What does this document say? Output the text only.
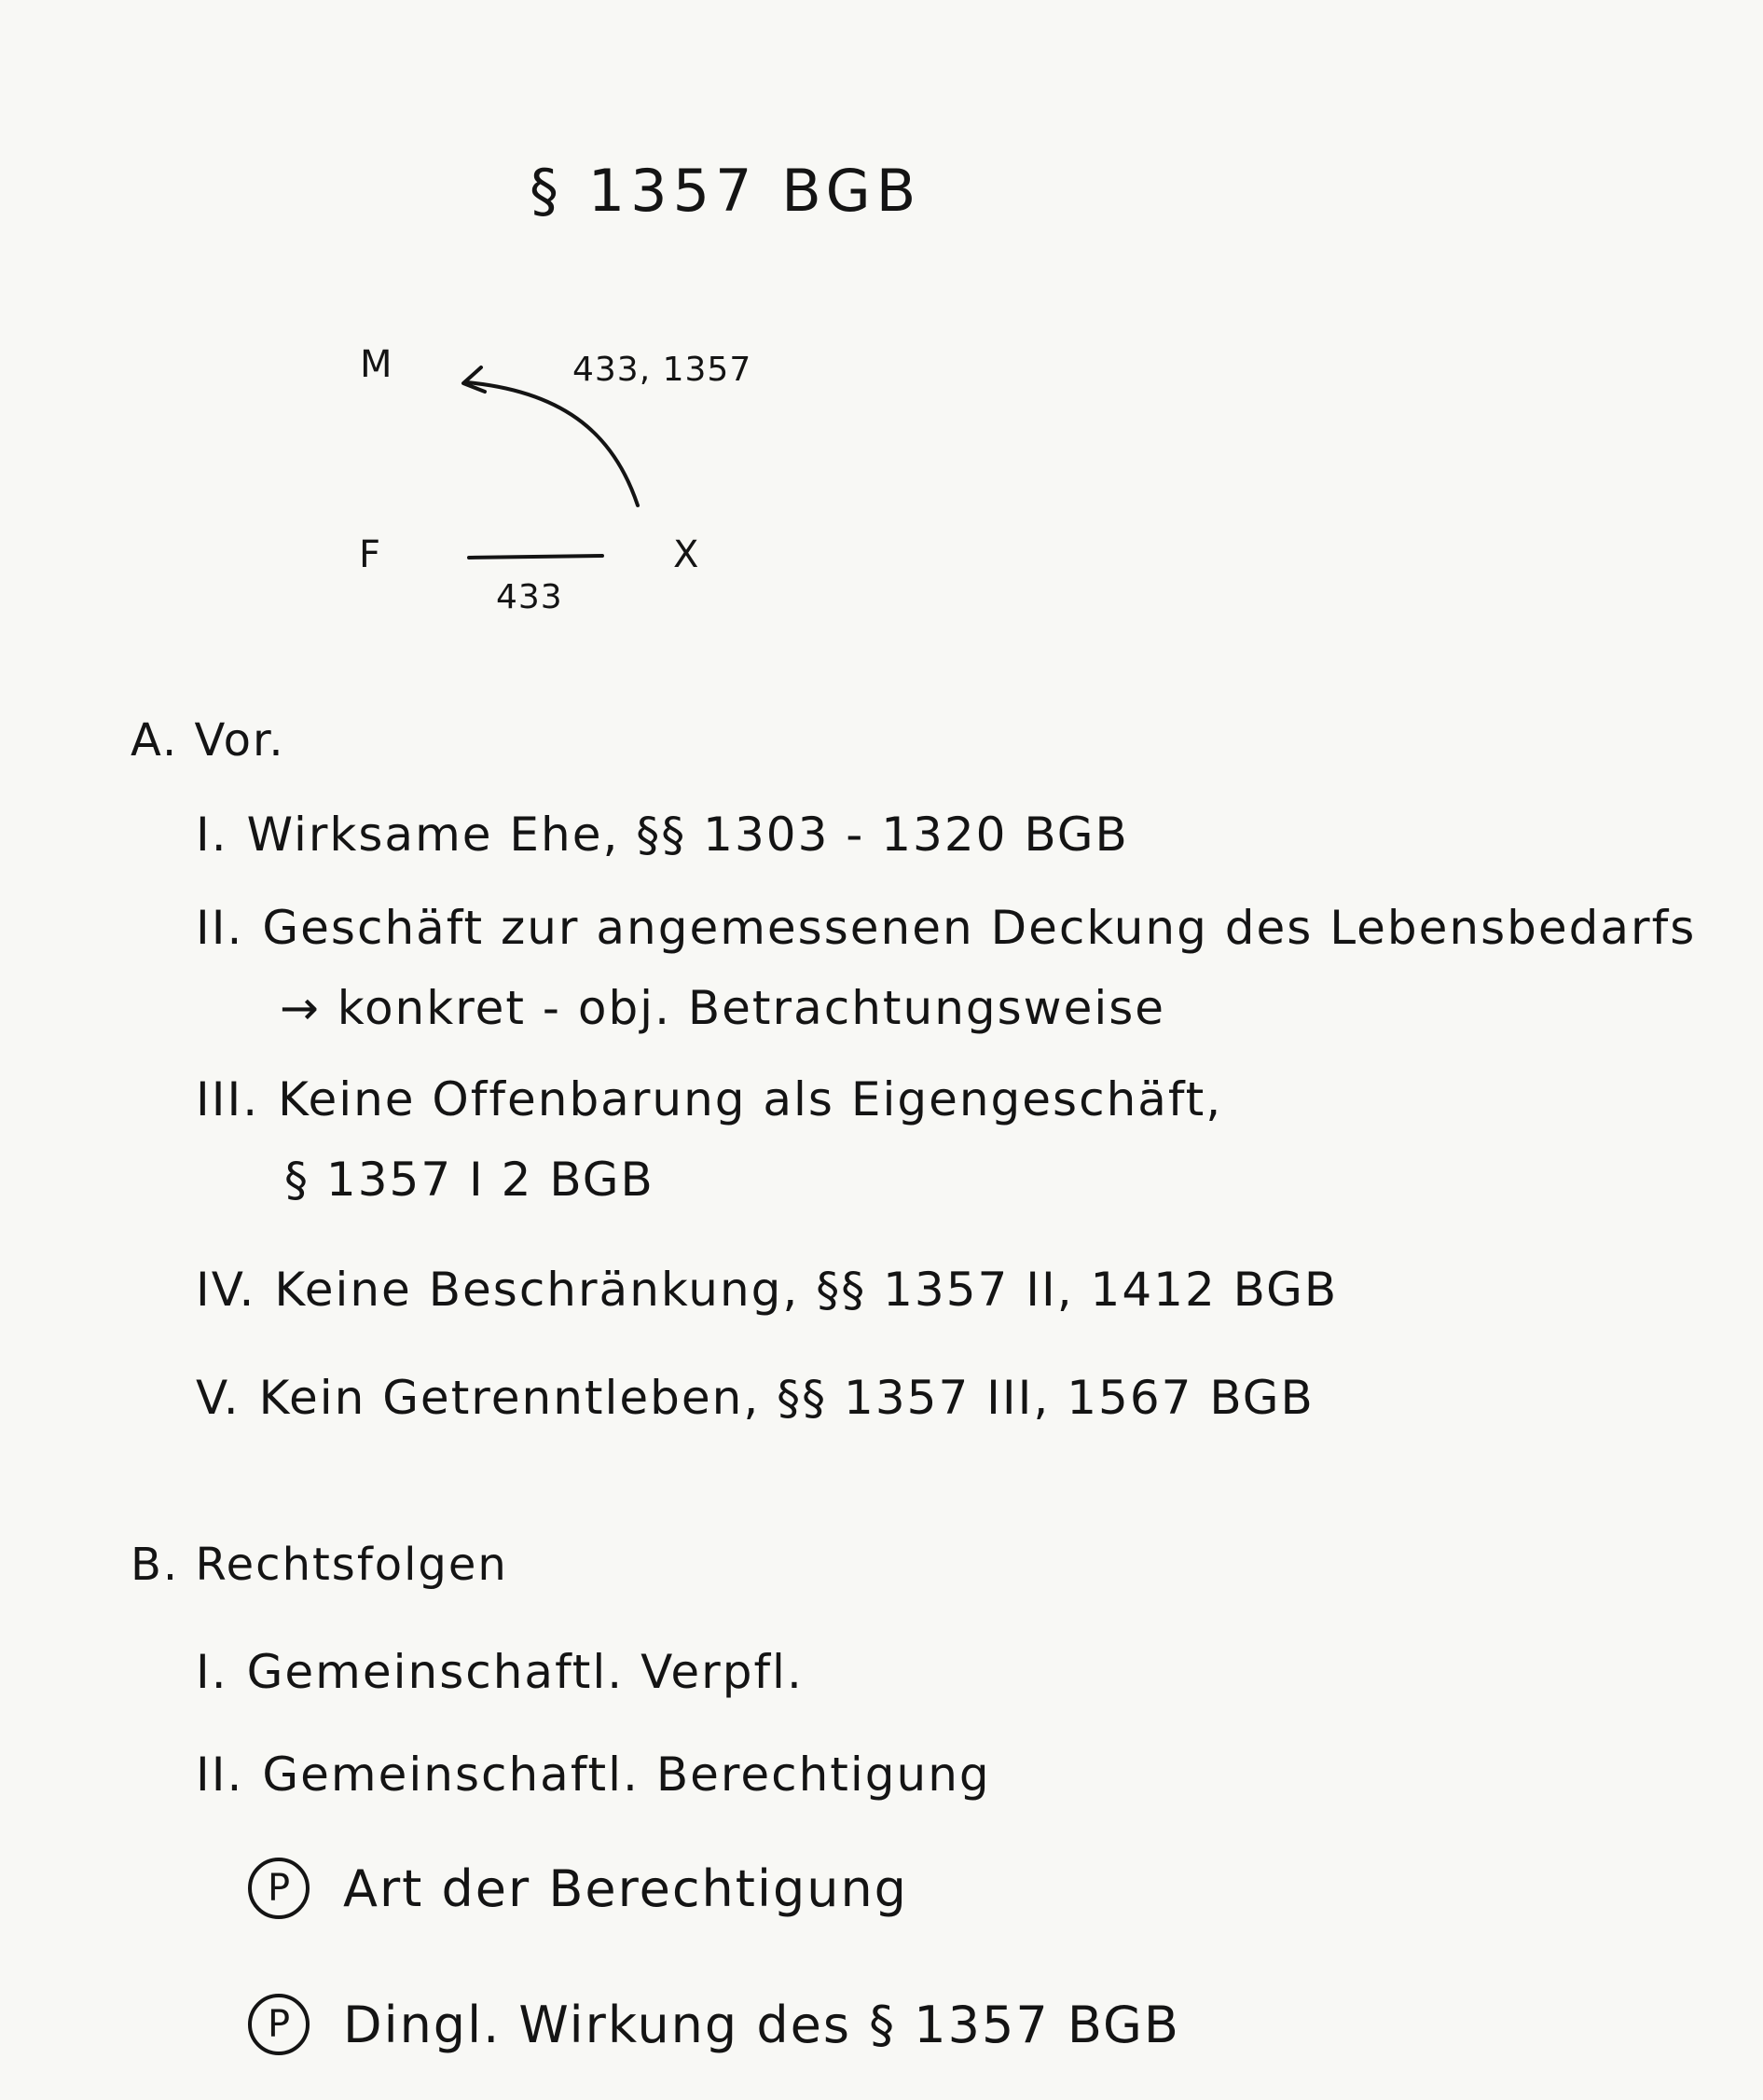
§ 1357 BGB
M
F	X
433, 1357
433
A. Vor.
I. Wirksame Ehe, §§ 1303 - 1320 BGB
II. Geschäft zur angemessenen Deckung des Lebensbedarfs
→ konkret - obj. Betrachtungsweise
III. Keine Offenbarung als Eigengeschäft,
§ 1357 I 2 BGB
IV. Keine Beschränkung, §§ 1357 II, 1412 BGB
V. Kein Getrenntleben, §§ 1357 III, 1567 BGB
B. Rechtsfolgen
I. Gemeinschaftl. Verpfl.
II. Gemeinschaftl. Berechtigung
P	Art der Berechtigung
P	Dingl. Wirkung des § 1357 BGB
